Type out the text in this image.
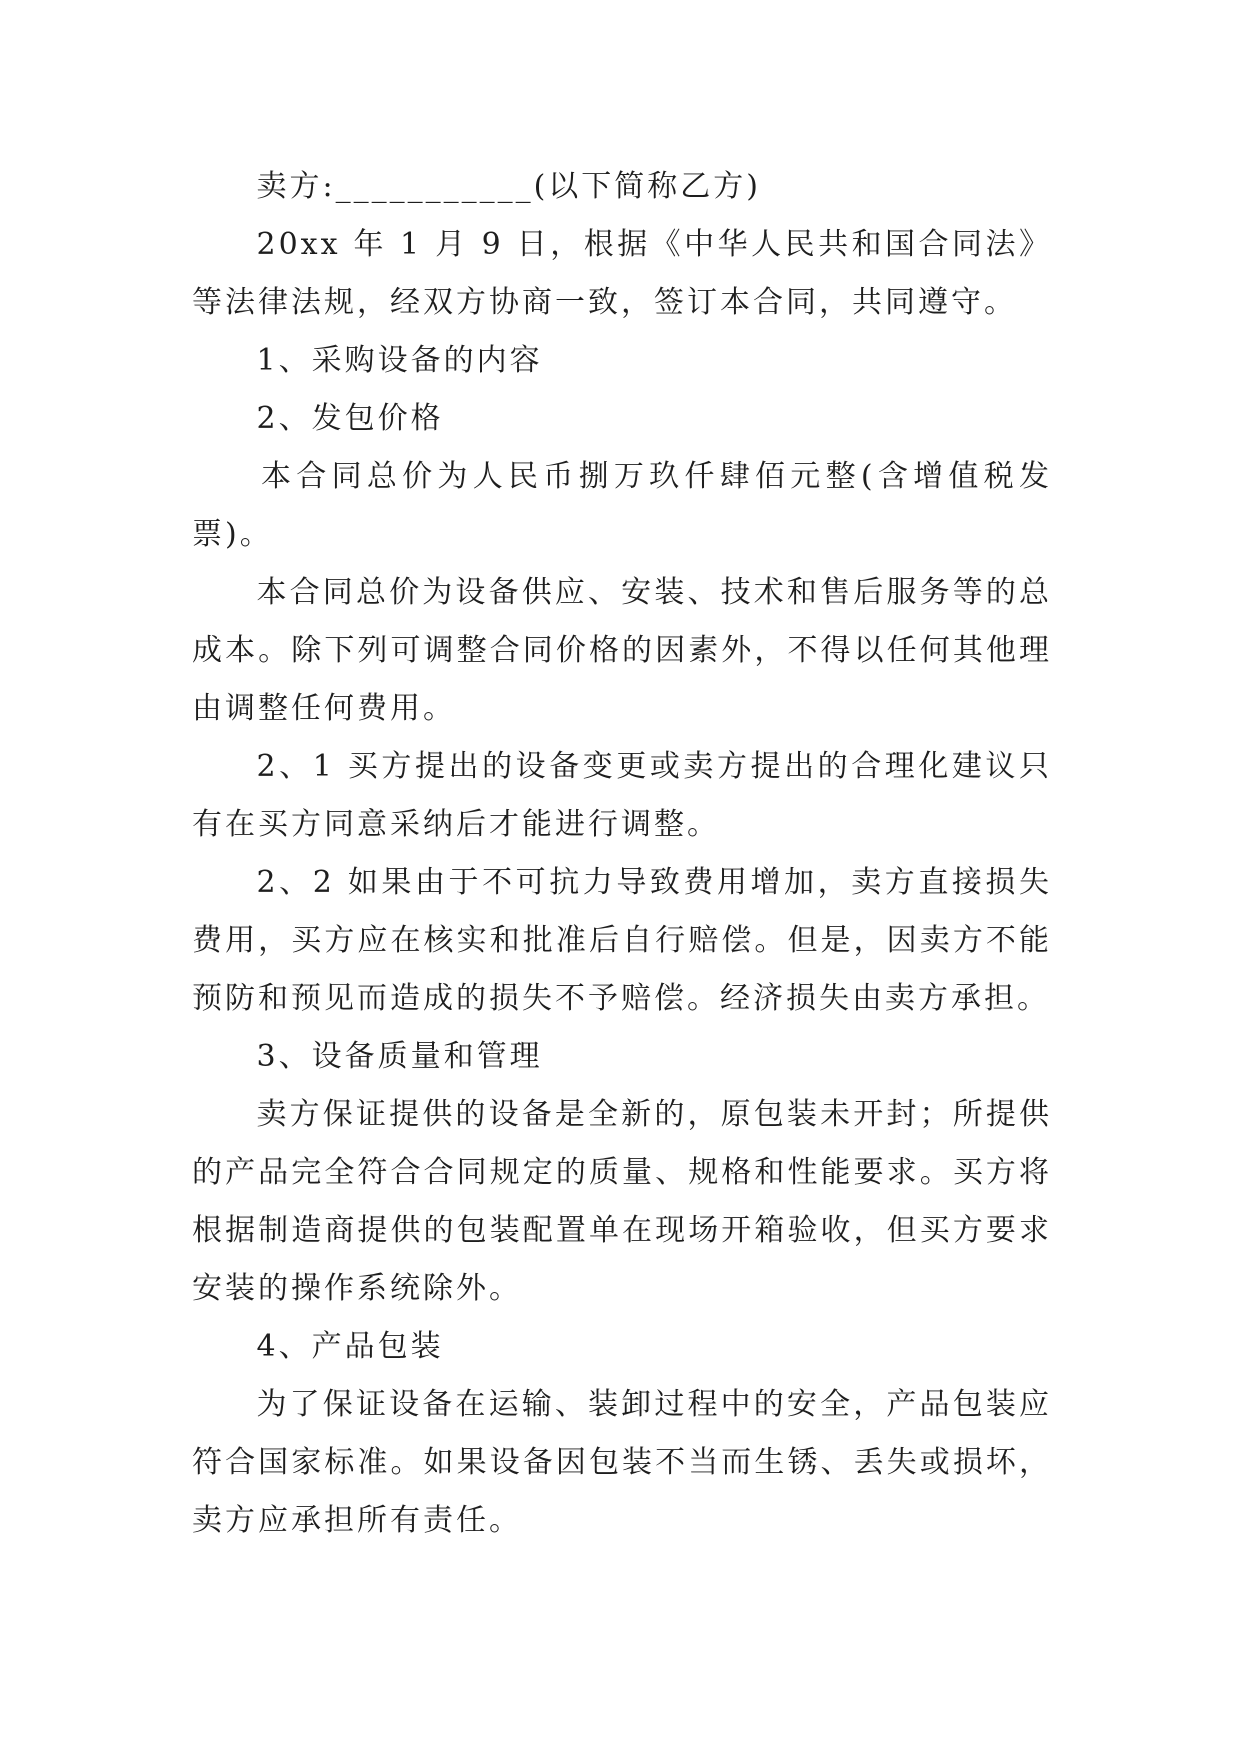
卖方:___________(以下简称乙方)

20xx 年 1 月 9 日，根据《中华人民共和国合同法》等法律法规，经双方协商一致，签订本合同，共同遵守。

1、采购设备的内容

2、发包价格

本合同总价为人民币捌万玖仟肆佰元整(含增值税发票)。

本合同总价为设备供应、安装、技术和售后服务等的总成本。除下列可调整合同价格的因素外，不得以任何其他理由调整任何费用。

2、1 买方提出的设备变更或卖方提出的合理化建议只有在买方同意采纳后才能进行调整。

2、2 如果由于不可抗力导致费用增加，卖方直接损失费用，买方应在核实和批准后自行赔偿。但是，因卖方不能预防和预见而造成的损失不予赔偿。经济损失由卖方承担。

3、设备质量和管理

卖方保证提供的设备是全新的，原包装未开封；所提供的产品完全符合合同规定的质量、规格和性能要求。买方将根据制造商提供的包装配置单在现场开箱验收，但买方要求安装的操作系统除外。

4、产品包装

为了保证设备在运输、装卸过程中的安全，产品包装应符合国家标准。如果设备因包装不当而生锈、丢失或损坏，卖方应承担所有责任。
